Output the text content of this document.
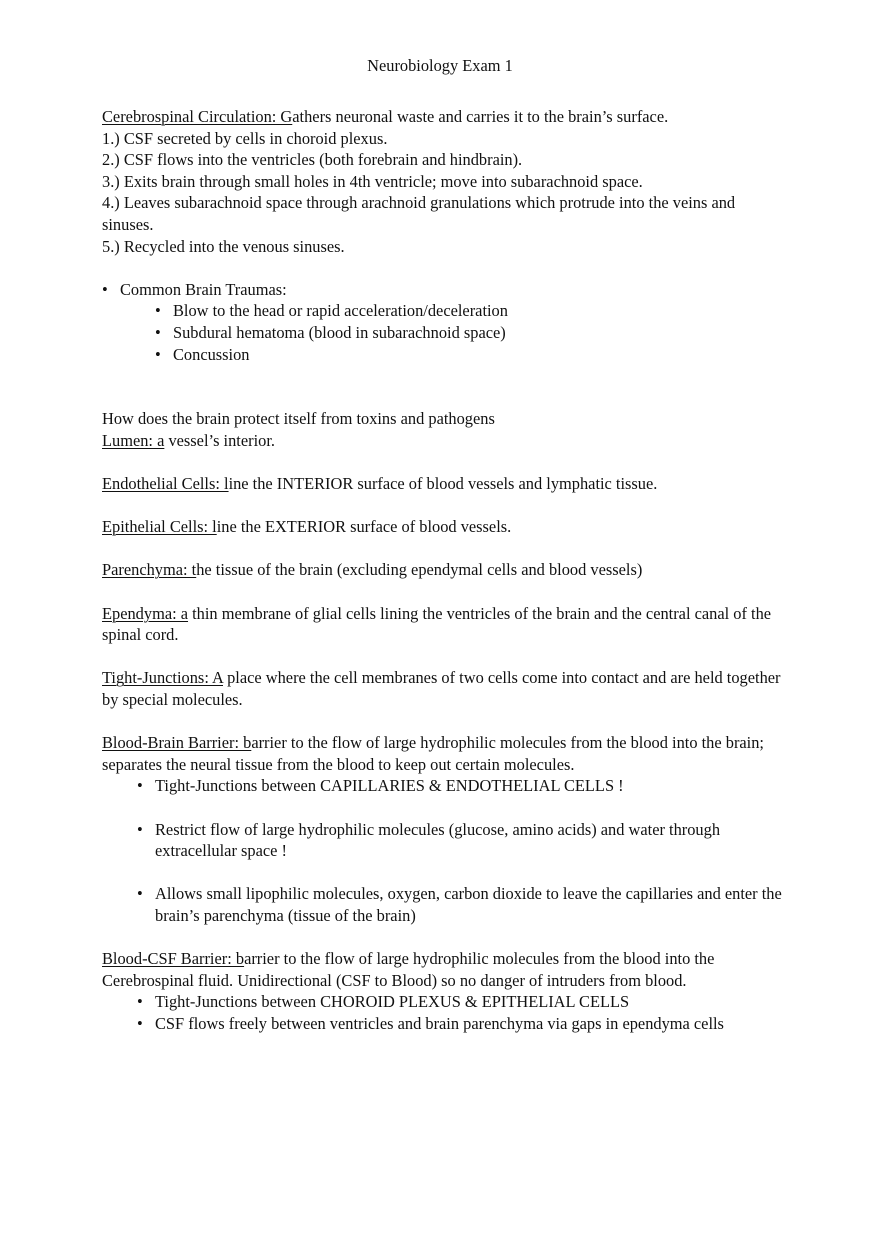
Neurobiology Exam 1

Cerebrospinal Circulation: Gathers neuronal waste and carries it to the brain’s surface.

1.) CSF secreted by cells in choroid plexus.

2.) CSF flows into the ventricles (both forebrain and hindbrain).

3.) Exits brain through small holes in 4th ventricle; move into subarachnoid space.

4.) Leaves subarachnoid space through arachnoid granulations which protrude into the veins and sinuses.

5.) Recycled into the venous sinuses.

• Common Brain Traumas:
• Blow to the head or rapid acceleration/deceleration
• Subdural hematoma (blood in subarachnoid space)
• Concussion

How does the brain protect itself from toxins and pathogens

Lumen: a vessel’s interior.

Endothelial Cells: line the INTERIOR surface of blood vessels and lymphatic tissue.

Epithelial Cells: line the EXTERIOR surface of blood vessels.

Parenchyma: the tissue of the brain (excluding ependymal cells and blood vessels)

Ependyma: a thin membrane of glial cells lining the ventricles of the brain and the central canal of the spinal cord.

Tight-Junctions: A place where the cell membranes of two cells come into contact and are held together by special molecules.

Blood-Brain Barrier: barrier to the flow of large hydrophilic molecules from the blood into the brain; separates the neural tissue from the blood to keep out certain molecules.

• Tight-Junctions between CAPILLARIES & ENDOTHELIAL CELLS !
• Restrict flow of large hydrophilic molecules (glucose, amino acids) and water through extracellular space !
• Allows small lipophilic molecules, oxygen, carbon dioxide to leave the capillaries and enter the brain’s parenchyma (tissue of the brain)

Blood-CSF Barrier: barrier to the flow of large hydrophilic molecules from the blood into the Cerebrospinal fluid. Unidirectional (CSF to Blood) so no danger of intruders from blood.

• Tight-Junctions between CHOROID PLEXUS & EPITHELIAL CELLS
• CSF flows freely between ventricles and brain parenchyma via gaps in ependyma cells
